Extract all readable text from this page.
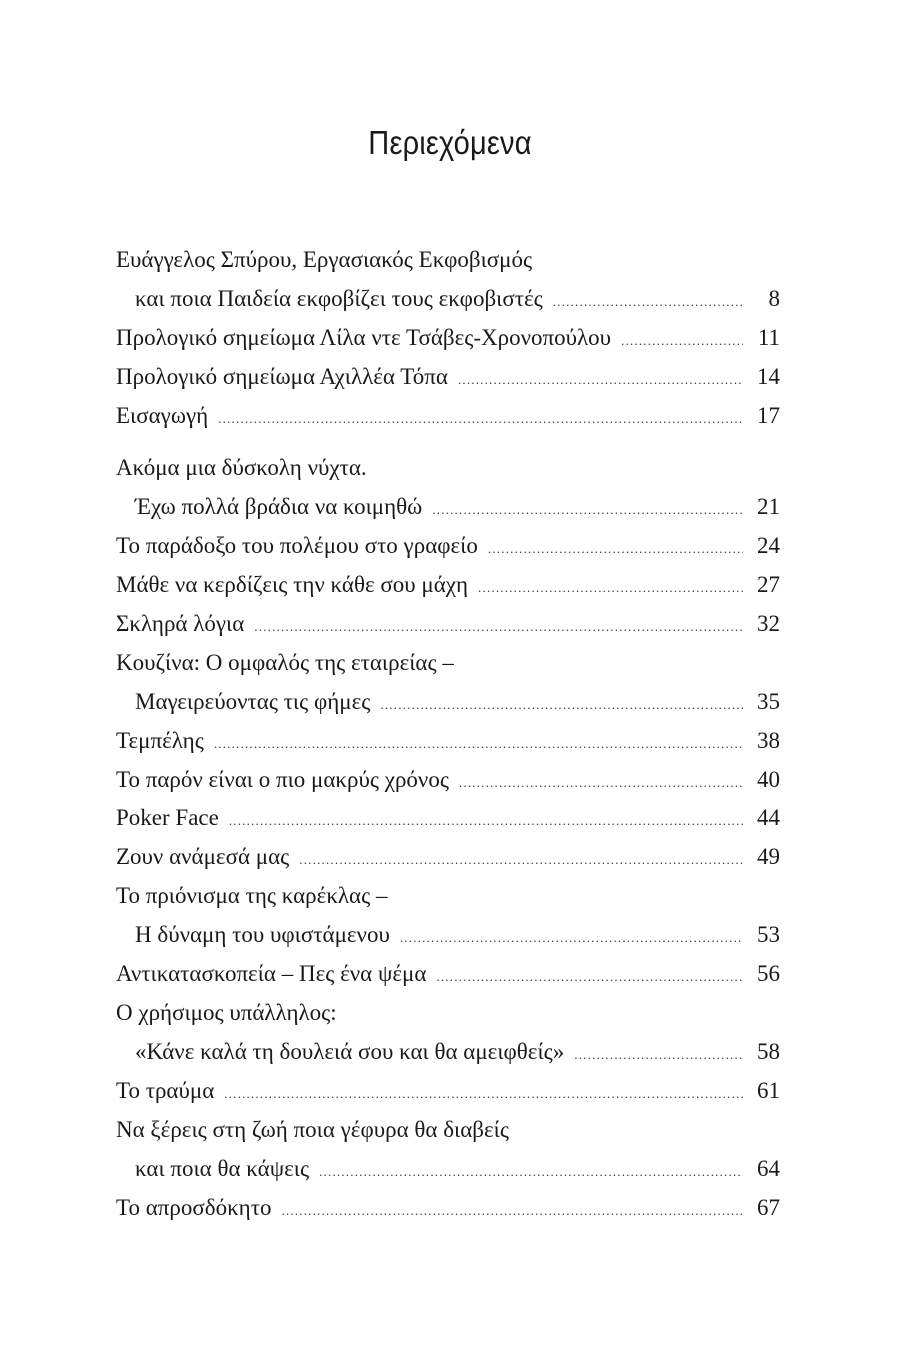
Περιεχόμενα
Ευάγγελος Σπύρου, Εργασιακός Εκφοβισμός
και ποια Παιδεία εκφοβίζει τους εκφοβιστές .....	8
Προλογικό σημείωμα Λίλα ντε Τσάβες-Χρονοπούλου .....	11
Προλογικό σημείωμα Αχιλλέα Τόπα .....	14
Εισαγωγή .....	17
Ακόμα μια δύσκολη νύχτα.
Έχω πολλά βράδια να κοιμηθώ .....	21
Το παράδοξο του πολέμου στο γραφείο .....	24
Μάθε να κερδίζεις την κάθε σου μάχη .....	27
Σκληρά λόγια .....	32
Κουζίνα: Ο ομφαλός της εταιρείας –
Μαγειρεύοντας τις φήμες .....	35
Τεμπέλης .....	38
Το παρόν είναι ο πιο μακρύς χρόνος .....	40
Poker Face .....	44
Ζουν ανάμεσά μας .....	49
Το πριόνισμα της καρέκλας –
Η δύναμη του υφιστάμενου .....	53
Αντικατασκοπεία – Πες ένα ψέμα .....	56
Ο χρήσιμος υπάλληλος:
«Κάνε καλά τη δουλειά σου και θα αμειφθείς» .....	58
Το τραύμα .....	61
Να ξέρεις στη ζωή ποια γέφυρα θα διαβείς
και ποια θα κάψεις .....	64
Το απροσδόκητο .....	67
